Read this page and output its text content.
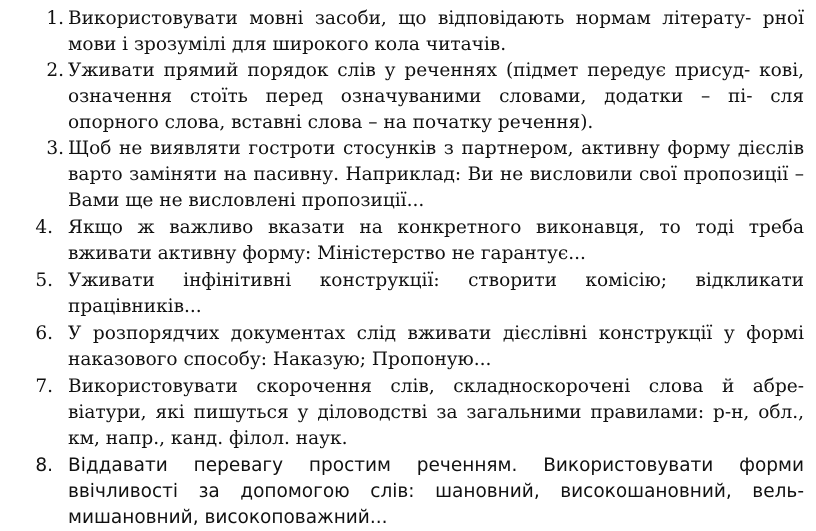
1. Використовувати мовні засоби, що відповідають нормам літерату- рної мови і зрозумілі для широкого кола читачів.
2. Уживати прямий порядок слів у реченнях (підмет передує присуд- кові, означення стоїть перед означуваними словами, додатки – пі- сля опорного слова, вставні слова – на початку речення).
3. Щоб не виявляти гостроти стосунків з партнером, активну форму дієслів варто заміняти на пасивну. Наприклад: Ви не висловили свої пропозиції – Вами ще не висловлені пропозиції...
4. Якщо ж важливо вказати на конкретного виконавця, то тоді треба вживати активну форму: Міністерство не гарантує...
5. Уживати інфінітивні конструкції: створити комісію; відкликати працівників...
6. У розпорядчих документах слід вживати дієслівні конструкції у формі наказового способу: Наказую; Пропоную...
7. Використовувати скорочення слів, складноскорочені слова й абре- віатури, які пишуться у діловодстві за загальними правилами: р-н, обл., км, напр., канд. філол. наук.
8. Віддавати перевагу простим реченням. Використовувати форми ввічливості за допомогою слів: шановний, високошановний, вель- мишановний, високоповажний...
